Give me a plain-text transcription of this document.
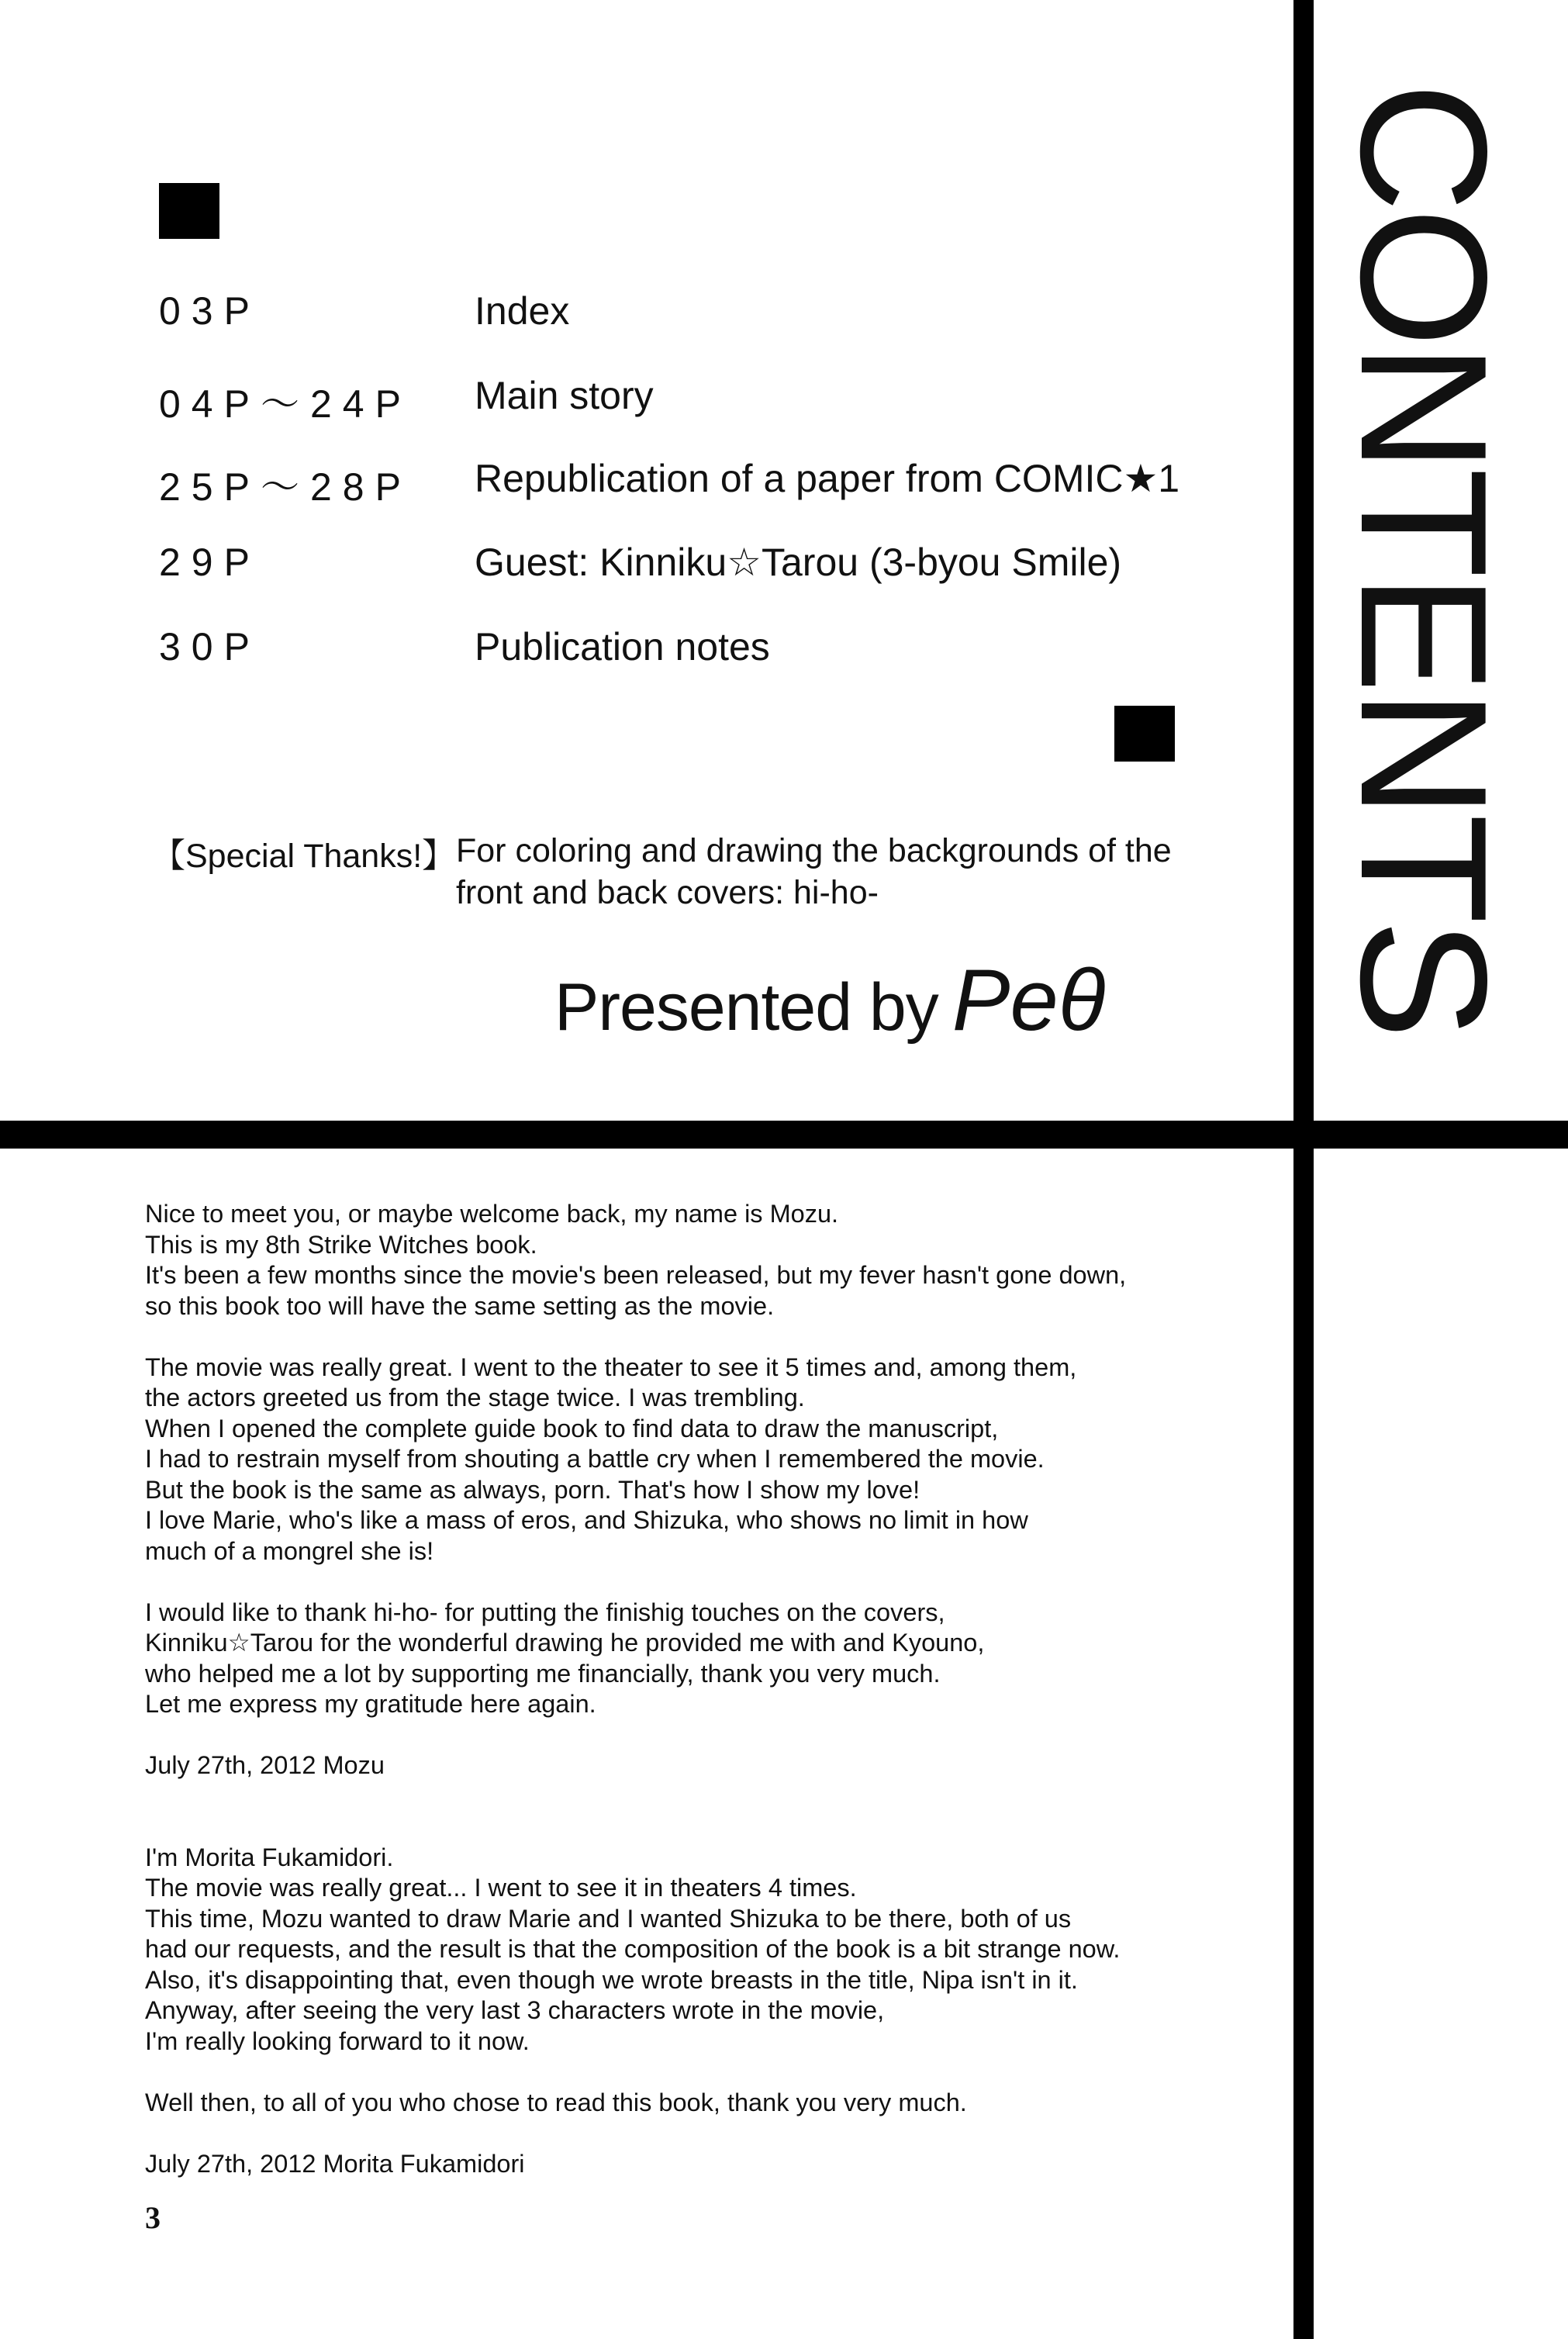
CONTENTS
03P	Index
04P～24P Main story
25P～28P Republication of a paper from COMIC★1
29P	Guest: Kinniku☆Tarou (3-byou Smile)
30P	Publication notes
【Special Thanks!】 For coloring and drawing the backgrounds of the front and back covers: hi-ho-
Presented by Peθ

Nice to meet you, or maybe welcome back, my name is Mozu.
This is my 8th Strike Witches book.
It's been a few months since the movie's been released, but my fever hasn't gone down,
so this book too will have the same setting as the movie.

The movie was really great. I went to the theater to see it 5 times and, among them,
the actors greeted us from the stage twice. I was trembling.
When I opened the complete guide book to find data to draw the manuscript,
I had to restrain myself from shouting a battle cry when I remembered the movie.
But the book is the same as always, porn. That's how I show my love!
I love Marie, who's like a mass of eros, and Shizuka, who shows no limit in how
much of a mongrel she is!

I would like to thank hi-ho- for putting the finishig touches on the covers,
Kinniku☆Tarou for the wonderful drawing he provided me with and Kyouno,
who helped me a lot by supporting me financially, thank you very much.
Let me express my gratitude here again.

July 27th, 2012 Mozu

I'm Morita Fukamidori.
The movie was really great... I went to see it in theaters 4 times.
This time, Mozu wanted to draw Marie and I wanted Shizuka to be there, both of us
had our requests, and the result is that the composition of the book is a bit strange now.
Also, it's disappointing that, even though we wrote breasts in the title, Nipa isn't in it.
Anyway, after seeing the very last 3 characters wrote in the movie,
I'm really looking forward to it now.

Well then, to all of you who chose to read this book, thank you very much.

July 27th, 2012 Morita Fukamidori

3
